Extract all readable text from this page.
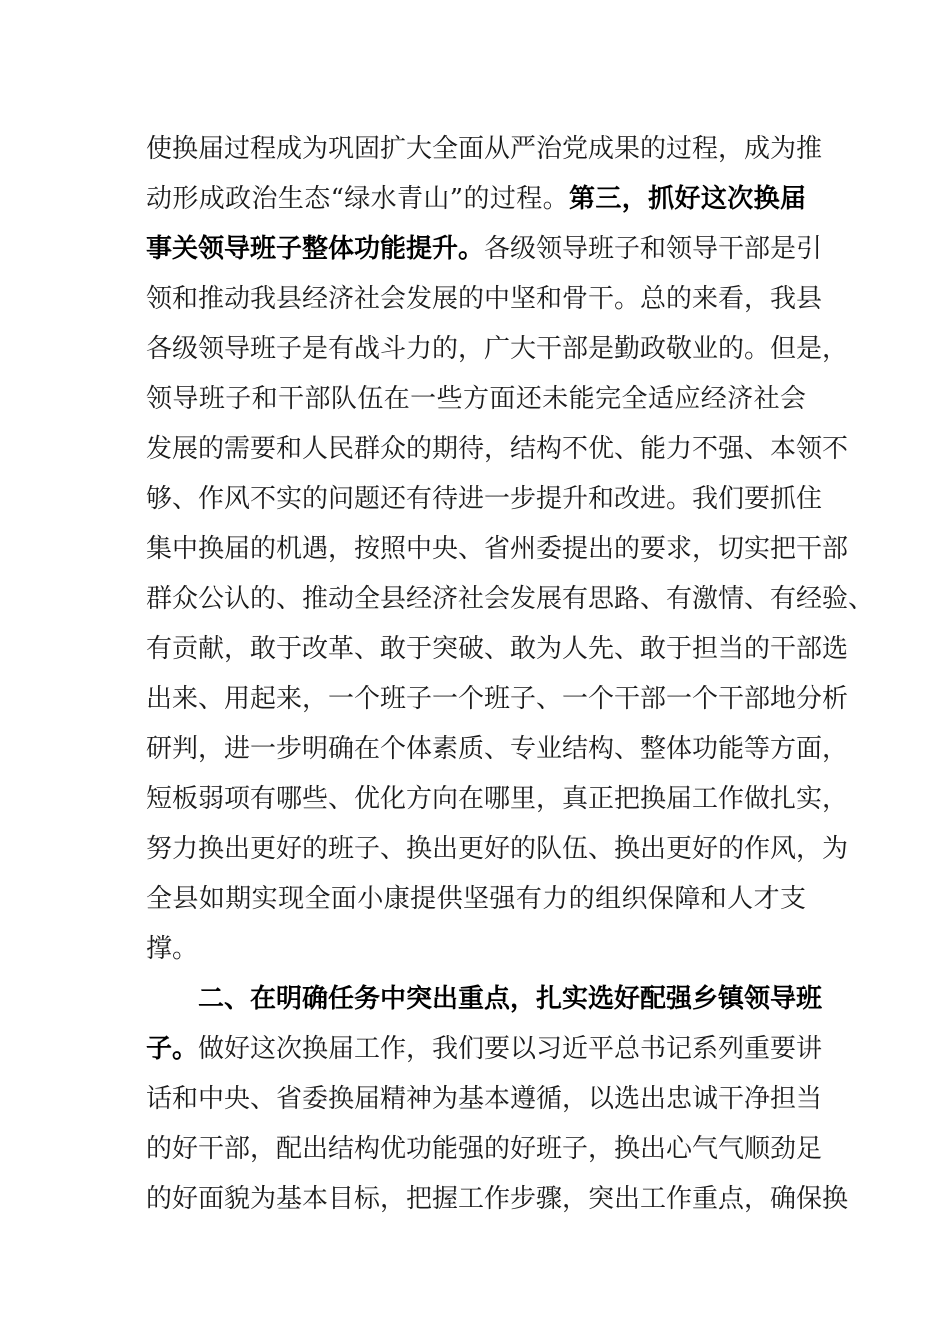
使换届过程成为巩固扩大全面从严治党成果的过程，成为推
动形成政治生态“绿水青山”的过程。第三，抓好这次换届
事关领导班子整体功能提升。各级领导班子和领导干部是引
领和推动我县经济社会发展的中坚和骨干。总的来看，我县
各级领导班子是有战斗力的，广大干部是勤政敬业的。但是，
领导班子和干部队伍在一些方面还未能完全适应经济社会
发展的需要和人民群众的期待，结构不优、能力不强、本领不
够、作风不实的问题还有待进一步提升和改进。我们要抓住
集中换届的机遇，按照中央、省州委提出的要求，切实把干部
群众公认的、推动全县经济社会发展有思路、有激情、有经验、
有贡献，敢于改革、敢于突破、敢为人先、敢于担当的干部选
出来、用起来，一个班子一个班子、一个干部一个干部地分析
研判，进一步明确在个体素质、专业结构、整体功能等方面，
短板弱项有哪些、优化方向在哪里，真正把换届工作做扎实，
努力换出更好的班子、换出更好的队伍、换出更好的作风，为
全县如期实现全面小康提供坚强有力的组织保障和人才支
撑。
二、在明确任务中突出重点，扎实选好配强乡镇领导班
子。做好这次换届工作，我们要以习近平总书记系列重要讲
话和中央、省委换届精神为基本遵循，以选出忠诚干净担当
的好干部，配出结构优功能强的好班子，换出心气气顺劲足
的好面貌为基本目标，把握工作步骤，突出工作重点，确保换
